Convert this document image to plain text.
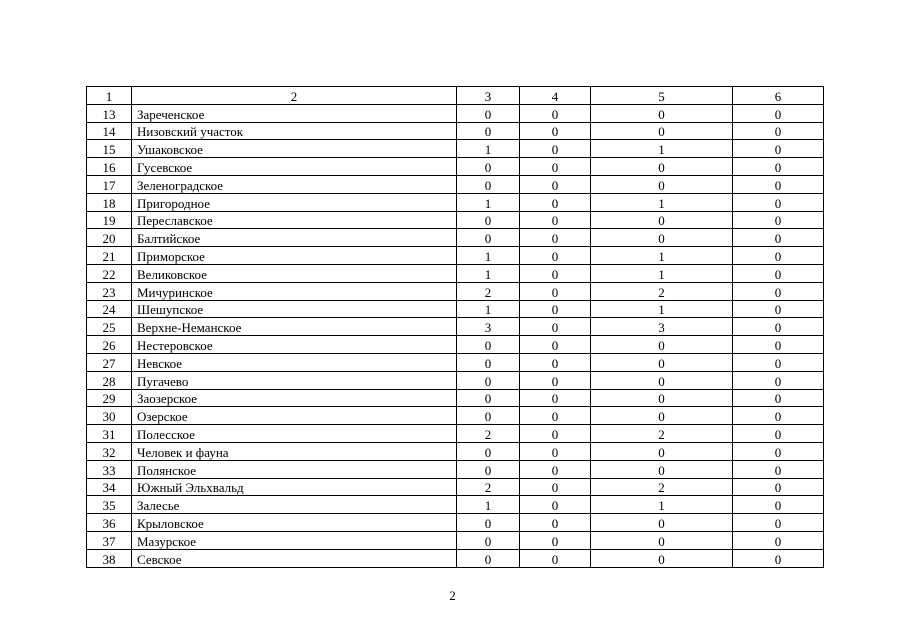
1	2	3	4	5	6
13	Зареченское	0	0	0	0
14	Низовский участок	0	0	0	0
15	Ушаковское	1	0	1	0
16	Гусевское	0	0	0	0
17	Зеленоградское	0	0	0	0
18	Пригородное	1	0	1	0
19	Переславское	0	0	0	0
20	Балтийское	0	0	0	0
21	Приморское	1	0	1	0
22	Великовское	1	0	1	0
23	Мичуринское	2	0	2	0
24	Шешупское	1	0	1	0
25	Верхне-Неманское	3	0	3	0
26	Нестеровское	0	0	0	0
27	Невское	0	0	0	0
28	Пугачево	0	0	0	0
29	Заозерское	0	0	0	0
30	Озерское	0	0	0	0
31	Полесское	2	0	2	0
32	Человек и фауна	0	0	0	0
33	Полянское	0	0	0	0
34	Южный Эльхвальд	2	0	2	0
35	Залесье	1	0	1	0
36	Крыловское	0	0	0	0
37	Мазурское	0	0	0	0
38	Севское	0	0	0	0
2
